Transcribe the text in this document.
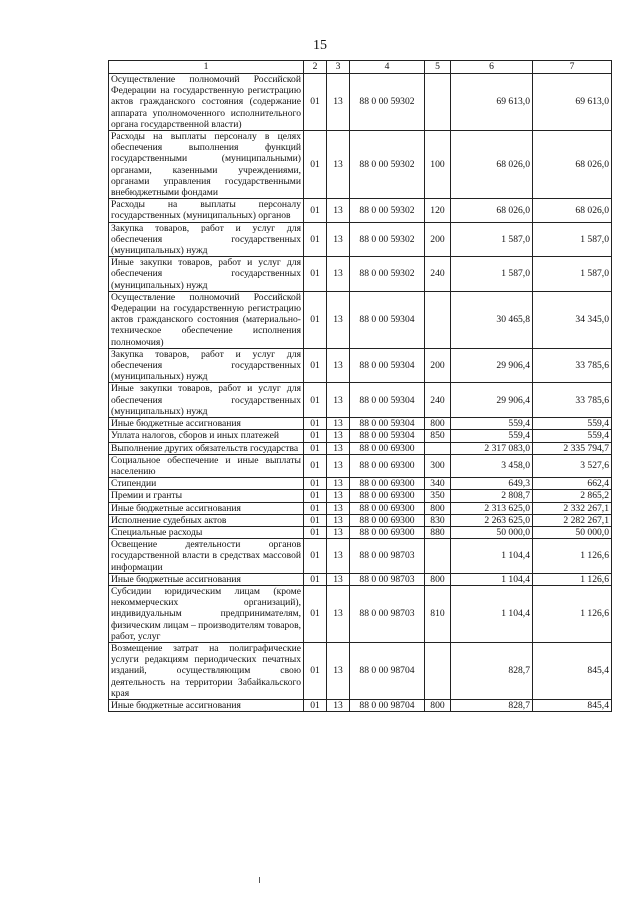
15
1	2	3	4	5	6	7
Осуществление полномочий Российской Федерации на государственную регистрацию актов гражданского состояния (содержание аппарата уполномоченного исполнительного органа государственной власти)	01	13	88 0 00 59302		69 613,0	69 613,0
Расходы на выплаты персоналу в целях обеспечения выполнения функций государственными (муниципальными) органами, казенными учреждениями, органами управления государственными внебюджетными фондами	01	13	88 0 00 59302	100	68 026,0	68 026,0
Расходы на выплаты персоналу государственных (муниципальных) органов	01	13	88 0 00 59302	120	68 026,0	68 026,0
Закупка товаров, работ и услуг для обеспечения государственных (муниципальных) нужд	01	13	88 0 00 59302	200	1 587,0	1 587,0
Иные закупки товаров, работ и услуг для обеспечения государственных (муниципальных) нужд	01	13	88 0 00 59302	240	1 587,0	1 587,0
Осуществление полномочий Российской Федерации на государственную регистрацию актов гражданского состояния (материально-техническое обеспечение исполнения полномочия)	01	13	88 0 00 59304		30 465,8	34 345,0
Закупка товаров, работ и услуг для обеспечения государственных (муниципальных) нужд	01	13	88 0 00 59304	200	29 906,4	33 785,6
Иные закупки товаров, работ и услуг для обеспечения государственных (муниципальных) нужд	01	13	88 0 00 59304	240	29 906,4	33 785,6
Иные бюджетные ассигнования	01	13	88 0 00 59304	800	559,4	559,4
Уплата налогов, сборов и иных платежей	01	13	88 0 00 59304	850	559,4	559,4
Выполнение других обязательств государства	01	13	88 0 00 69300		2 317 083,0	2 335 794,7
Социальное обеспечение и иные выплаты населению	01	13	88 0 00 69300	300	3 458,0	3 527,6
Стипендии	01	13	88 0 00 69300	340	649,3	662,4
Премии и гранты	01	13	88 0 00 69300	350	2 808,7	2 865,2
Иные бюджетные ассигнования	01	13	88 0 00 69300	800	2 313 625,0	2 332 267,1
Исполнение судебных актов	01	13	88 0 00 69300	830	2 263 625,0	2 282 267,1
Специальные расходы	01	13	88 0 00 69300	880	50 000,0	50 000,0
Освещение деятельности органов государственной власти в средствах массовой информации	01	13	88 0 00 98703		1 104,4	1 126,6
Иные бюджетные ассигнования	01	13	88 0 00 98703	800	1 104,4	1 126,6
Субсидии юридическим лицам (кроме некоммерческих организаций), индивидуальным предпринимателям, физическим лицам – производителям товаров, работ, услуг	01	13	88 0 00 98703	810	1 104,4	1 126,6
Возмещение затрат на полиграфические услуги редакциям периодических печатных изданий, осуществляющим свою деятельность на территории Забайкальского края	01	13	88 0 00 98704		828,7	845,4
Иные бюджетные ассигнования	01	13	88 0 00 98704	800	828,7	845,4
